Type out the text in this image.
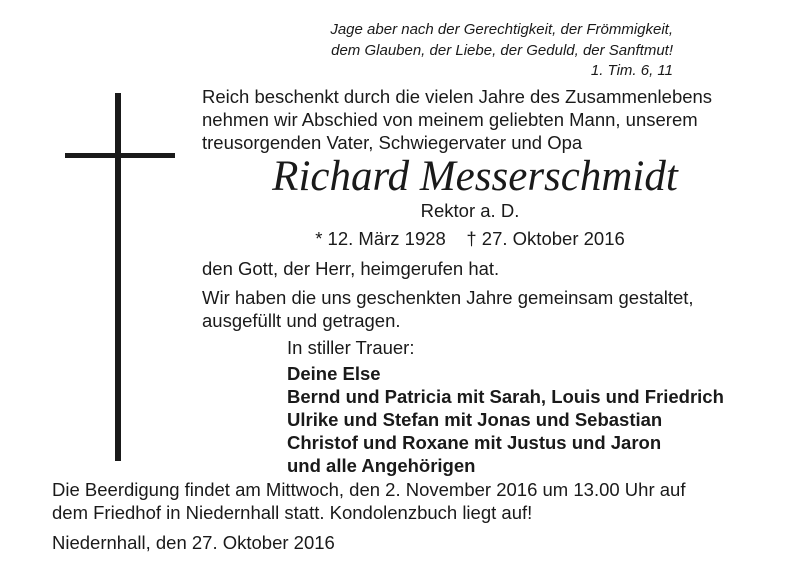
Jage aber nach der Gerechtigkeit, der Frömmigkeit,
dem Glauben, der Liebe, der Geduld, der Sanftmut!
1. Tim. 6, 11
Reich beschenkt durch die vielen Jahre des Zusammenlebens
nehmen wir Abschied von meinem geliebten Mann, unserem
treusorgenden Vater, Schwiegervater und Opa
Richard Messerschmidt
Rektor a. D.
* 12. März 1928    † 27. Oktober 2016
den Gott, der Herr, heimgerufen hat.
Wir haben die uns geschenkten Jahre gemeinsam gestaltet,
ausgefüllt und getragen.
In stiller Trauer:
Deine Else
Bernd und Patricia mit Sarah, Louis und Friedrich
Ulrike und Stefan mit Jonas und Sebastian
Christof und Roxane mit Justus und Jaron
und alle Angehörigen
Die Beerdigung findet am Mittwoch, den 2. November 2016 um 13.00 Uhr auf
dem Friedhof in Niedernhall statt. Kondolenzbuch liegt auf!
Niedernhall, den 27. Oktober 2016
